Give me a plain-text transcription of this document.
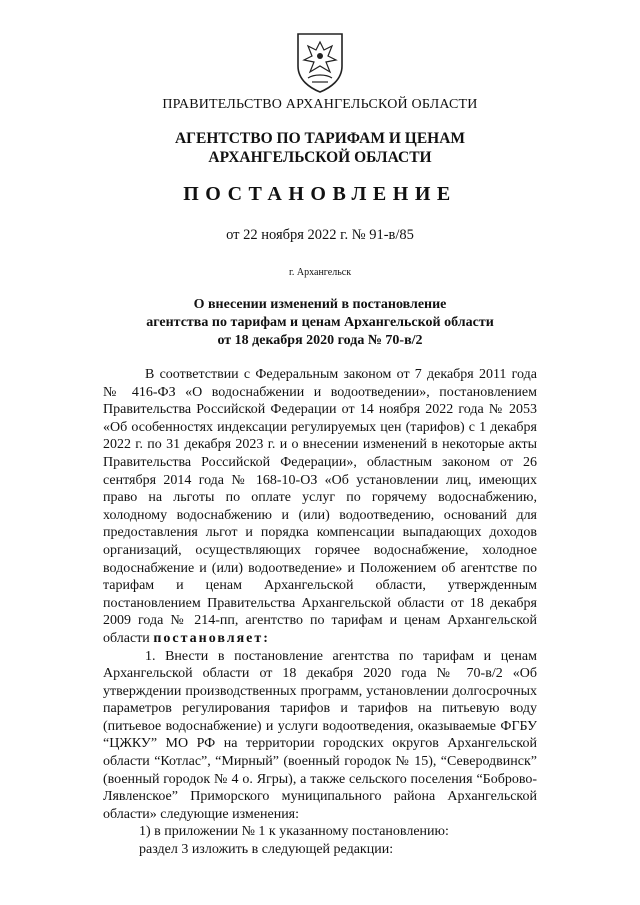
ПРАВИТЕЛЬСТВО АРХАНГЕЛЬСКОЙ ОБЛАСТИ
АГЕНТСТВО ПО ТАРИФАМ И ЦЕНАМ
АРХАНГЕЛЬСКОЙ ОБЛАСТИ
ПОСТАНОВЛЕНИЕ
от 22 ноября 2022 г. № 91-в/85
г. Архангельск
О внесении изменений в постановление
агентства по тарифам и ценам Архангельской области
от 18 декабря 2020 года № 70-в/2

В соответствии с Федеральным законом от 7 декабря 2011 года № 416-ФЗ «О водоснабжении и водоотведении», постановлением Правительства Российской Федерации от 14 ноября 2022 года № 2053 «Об особенностях индексации регулируемых цен (тарифов) с 1 декабря 2022 г. по 31 декабря 2023 г. и о внесении изменений в некоторые акты Правительства Российской Федерации», областным законом от 26 сентября 2014 года № 168-10-ОЗ «Об установлении лиц, имеющих право на льготы по оплате услуг по горячему водоснабжению, холодному водоснабжению и (или) водоотведению, оснований для предоставления льгот и порядка компенсации выпадающих доходов организаций, осуществляющих горячее водоснабжение, холодное водоснабжение и (или) водоотведение» и Положением об агентстве по тарифам и ценам Архангельской области, утвержденным постановлением Правительства Архангельской области от 18 декабря 2009 года № 214-пп, агентство по тарифам и ценам Архангельской области постановляет:

1. Внести в постановление агентства по тарифам и ценам Архангельской области от 18 декабря 2020 года № 70-в/2 «Об утверждении производственных программ, установлении долгосрочных параметров регулирования тарифов и тарифов на питьевую воду (питьевое водоснабжение) и услуги водоотведения, оказываемые ФГБУ “ЦЖКУ” МО РФ на территории городских округов Архангельской области “Котлас”, “Мирный” (военный городок № 15), “Северодвинск” (военный городок № 4 о. Ягры), а также сельского поселения “Боброво-Лявленское” Приморского муниципального района Архангельской области» следующие изменения:

1) в приложении № 1 к указанному постановлению:

раздел 3 изложить в следующей редакции:
